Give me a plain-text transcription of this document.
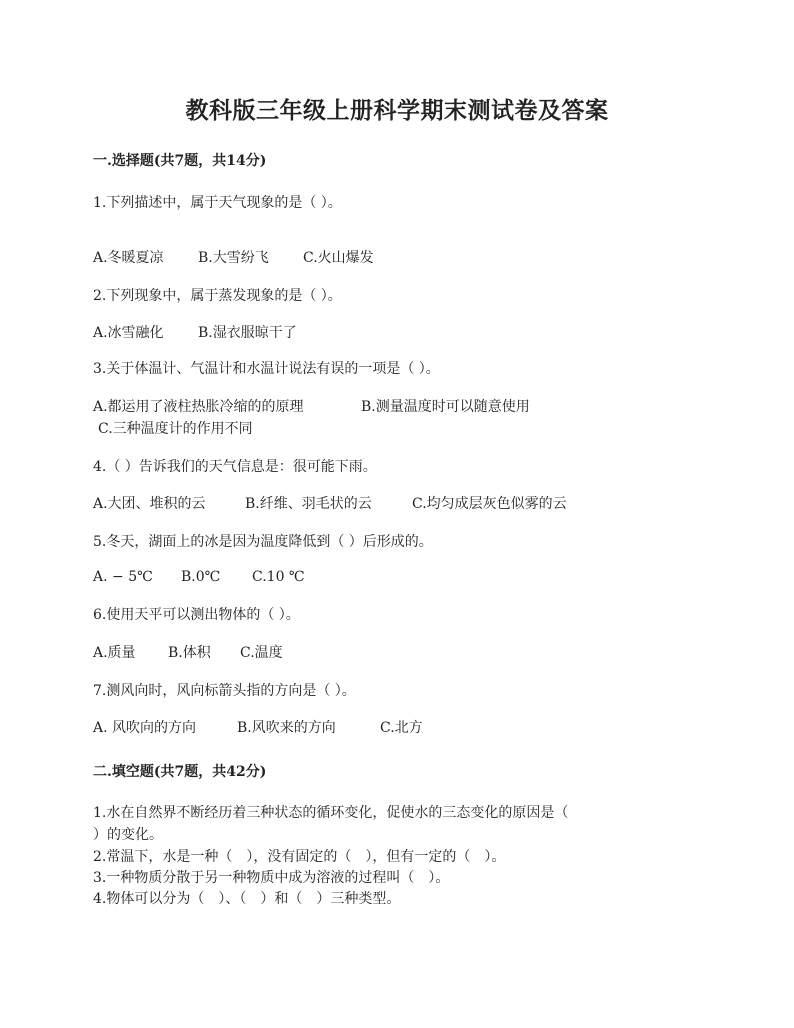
教科版三年级上册科学期末测试卷及答案
一.选择题(共7题，共14分)
1.下列描述中，属于天气现象的是（ ）。
A.冬暖夏凉 B.大雪纷飞 C.火山爆发
2.下列现象中，属于蒸发现象的是（ ）。
A.冰雪融化 B.湿衣服晾干了
3.关于体温计、气温计和水温计说法有误的一项是（ ）。
A.都运用了液柱热胀冷缩的的原理	B.测量温度时可以随意使用
C.三种温度计的作用不同
4.（ ）告诉我们的天气信息是：很可能下雨。
A.大团、堆积的云	B.纤维、羽毛状的云	C.均匀成层灰色似雾的云
5.冬天，湖面上的冰是因为温度降低到（ ）后形成的。
A. − 5℃ B.0℃ C.10 ℃
6.使用天平可以测出物体的（ ）。
A.质量 B.体积 C.温度
7.测风向时，风向标箭头指的方向是（ ）。
A. 风吹向的方向	B.风吹来的方向	C.北方
二.填空题(共7题，共42分)
1.水在自然界不断经历着三种状态的循环变化，促使水的三态变化的原因是（
）的变化。
2.常温下，水是一种（　），没有固定的（　），但有一定的（　）。
3.一种物质分散于另一种物质中成为溶液的过程叫（　）。
4.物体可以分为（　）、（　）和（　）三种类型。
